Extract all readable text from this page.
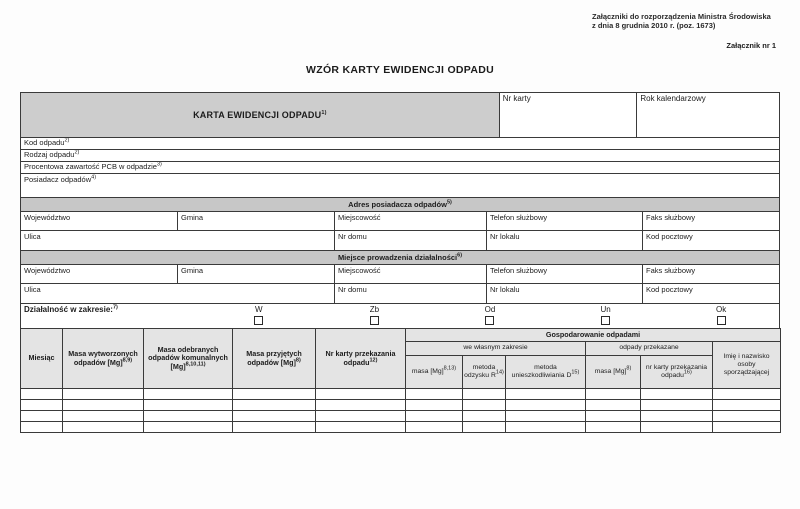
Załączniki do rozporządzenia Ministra Środowiska
z dnia 8 grudnia 2010 r. (poz. 1673)
Załącznik nr 1
WZÓR KARTY EWIDENCJI ODPADU
KARTA EWIDENCJI ODPADU$^{1)}$
Nr karty	Rok kalendarzowy
Kod odpadu$^{2)}$
Rodzaj odpadu$^{2)}$
Procentowa zawartość PCB w odpadzie$^{3)}$
Posiadacz odpadów$^{4)}$
Adres posiadacza odpadów$^{5)}$
Województwo	Gmina	Miejscowość	Telefon służbowy	Faks służbowy
Ulica	Nr domu	Nr lokalu	Kod pocztowy
Miejsce prowadzenia działalności$^{6)}$
Województwo	Gmina	Miejscowość	Telefon służbowy	Faks służbowy
Ulica	Nr domu	Nr lokalu	Kod pocztowy
Działalność w zakresie:$^{7)}$	W	Zb	Od	Un	Ok
Miesiąc	Masa wytworzonych odpadów $[Mg]^{8,9)}$	Masa odebranych odpadów komunalnych $[Mg]^{8,10,11)}$	Masa przyjętych odpadów $[Mg]^{8)}$	Nr karty przekazania odpadu$^{12)}$	Gospodarowanie odpadami					
					we własnym zakresie			odpady przekazane		Imię i nazwisko osoby sporządzającej
					masa $[Mg]^{8,13)}$	metoda odzysku $R^{14)}$	metoda unieszkodliwiania $D^{15)}$	masa $[Mg]^{8)}$	nr karty przekazania odpadu$^{16)}$
